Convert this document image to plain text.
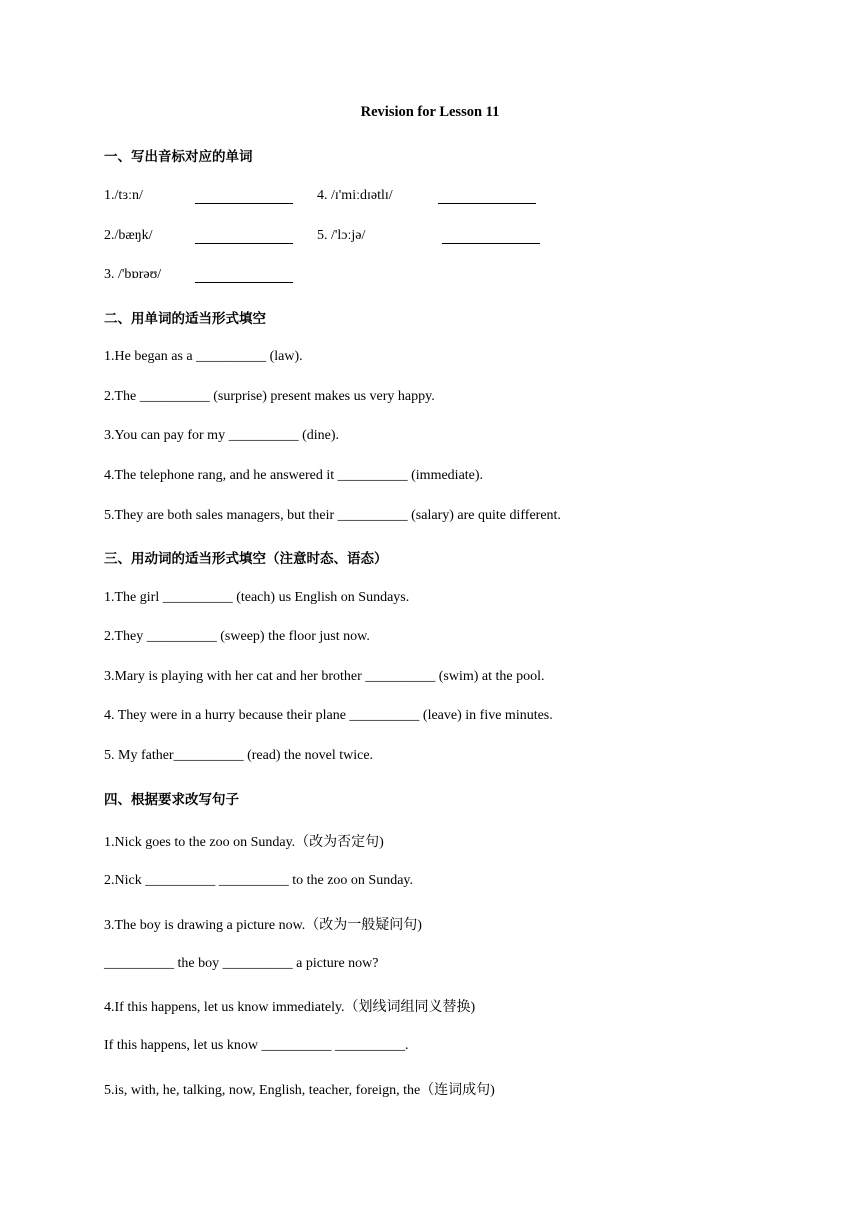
Revision for Lesson 11
一、写出音标对应的单词
1./tɜːn/	4. /ɪ'miːdɪətlɪ/
2./bæŋk/	5. /'lɔːjə/
3. /'bɒrəʊ/
二、用单词的适当形式填空
1.He began as a __________ (law).
2.The __________ (surprise) present makes us very happy.
3.You can pay for my __________ (dine).
4.The telephone rang, and he answered it __________ (immediate).
5.They are both sales managers, but their __________ (salary) are quite different.
三、用动词的适当形式填空（注意时态、语态）
1.The girl __________ (teach) us English on Sundays.
2.They __________ (sweep) the floor just now.
3.Mary is playing with her cat and her brother __________ (swim) at the pool.
4. They were in a hurry because their plane __________ (leave) in five minutes.
5. My father__________ (read) the novel twice.
四、根据要求改写句子
1.Nick goes to the zoo on Sunday.（改为否定句)
2.Nick __________ __________ to the zoo on Sunday.
3.The boy is drawing a picture now.（改为一般疑问句)
__________ the boy __________ a picture now?
4.If this happens, let us know immediately.（划线词组同义替换)
If this happens, let us know __________ __________.
5.is, with, he, talking, now, English, teacher, foreign, the（连词成句)
